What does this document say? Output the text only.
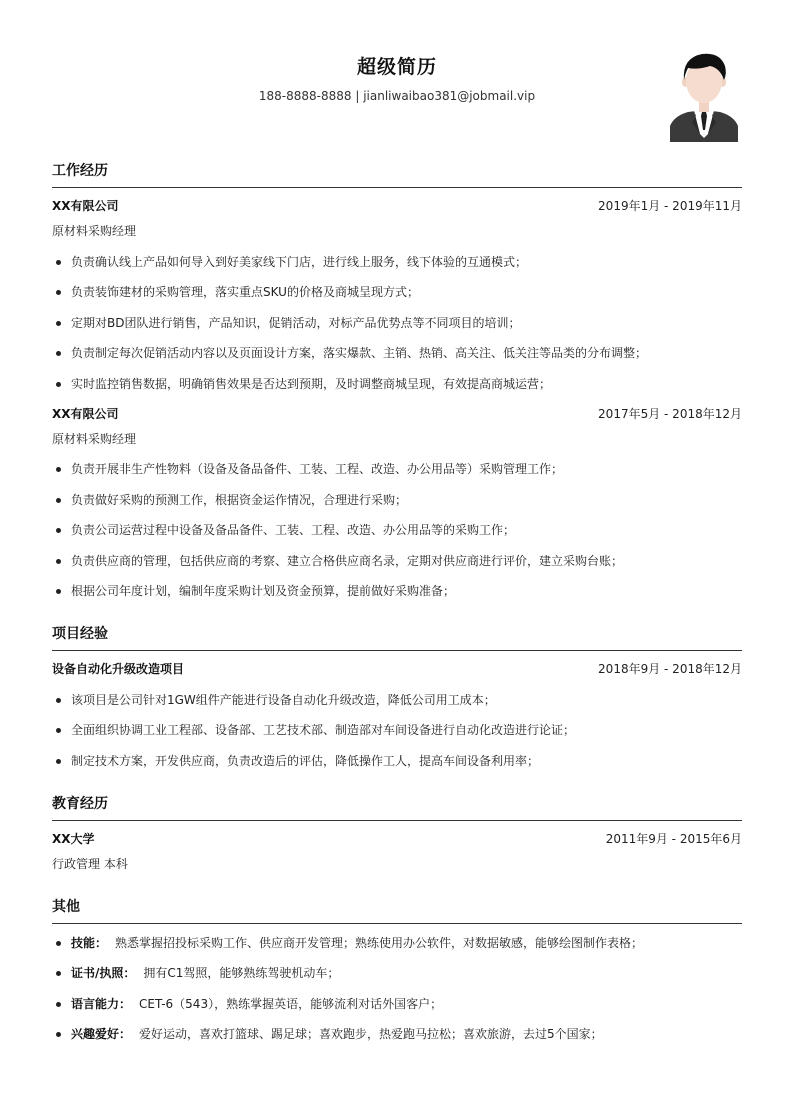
超级简历
188-8888-8888 | jianliwaibao381@jobmail.vip
工作经历
XX有限公司	2019年1月 - 2019年11月
原材料采购经理
负责确认线上产品如何导入到好美家线下门店，进行线上服务，线下体验的互通模式；
负责装饰建材的采购管理，落实重点SKU的价格及商城呈现方式；
定期对BD团队进行销售，产品知识，促销活动，对标产品优势点等不同项目的培训；
负责制定每次促销活动内容以及页面设计方案，落实爆款、主销、热销、高关注、低关注等品类的分布调整；
实时监控销售数据，明确销售效果是否达到预期，及时调整商城呈现，有效提高商城运营；
XX有限公司	2017年5月 - 2018年12月
原材料采购经理
负责开展非生产性物料（设备及备品备件、工装、工程、改造、办公用品等）采购管理工作；
负责做好采购的预测工作，根据资金运作情况，合理进行采购；
负责公司运营过程中设备及备品备件、工装、工程、改造、办公用品等的采购工作；
负责供应商的管理，包括供应商的考察、建立合格供应商名录，定期对供应商进行评价，建立采购台账；
根据公司年度计划，编制年度采购计划及资金预算，提前做好采购准备；
项目经验
设备自动化升级改造项目	2018年9月 - 2018年12月
该项目是公司针对1GW组件产能进行设备自动化升级改造，降低公司用工成本；
全面组织协调工业工程部、设备部、工艺技术部、制造部对车间设备进行自动化改造进行论证；
制定技术方案，开发供应商，负责改造后的评估，降低操作工人，提高车间设备利用率；
教育经历
XX大学	2011年9月 - 2015年6月
行政管理 本科
其他
技能： 熟悉掌握招投标采购工作、供应商开发管理；熟练使用办公软件，对数据敏感，能够绘图制作表格；
证书/执照： 拥有C1驾照，能够熟练驾驶机动车；
语言能力： CET-6（543），熟练掌握英语，能够流利对话外国客户；
兴趣爱好： 爱好运动，喜欢打篮球、踢足球；喜欢跑步，热爱跑马拉松；喜欢旅游，去过5个国家；
